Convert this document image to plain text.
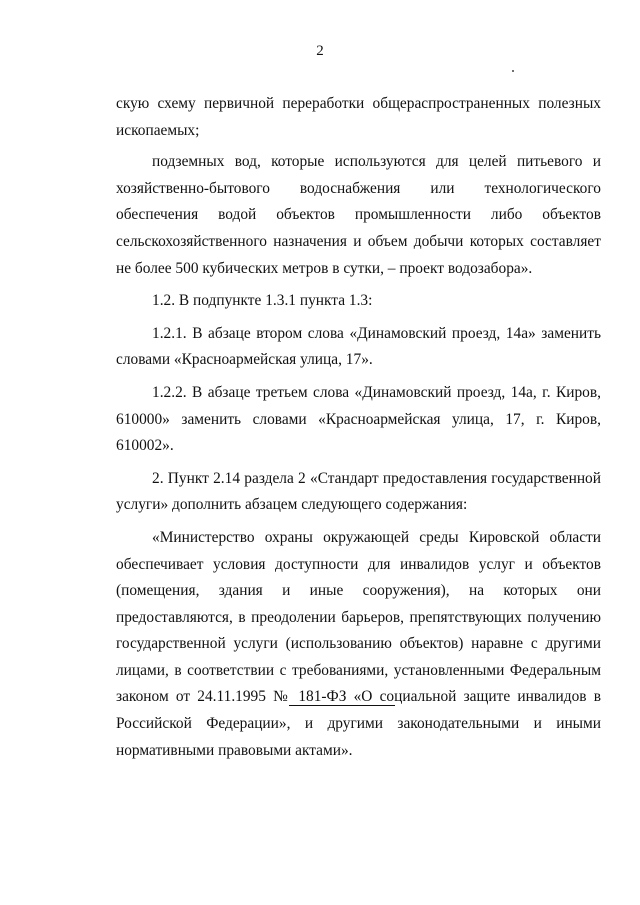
2

скую схему первичной переработки общераспространенных полезных ископаемых;

подземных вод, которые используются для целей питьевого и хозяйственно-бытового водоснабжения или технологического обеспечения водой объектов промышленности либо объектов сельскохозяйственного назначения и объем добычи которых составляет не более 500 кубических метров в сутки, – проект водозабора».

1.2. В подпункте 1.3.1 пункта 1.3:

1.2.1. В абзаце втором слова «Динамовский проезд, 14а» заменить словами «Красноармейская улица, 17».

1.2.2. В абзаце третьем слова «Динамовский проезд, 14а, г. Киров, 610000» заменить словами «Красноармейская улица, 17, г. Киров, 610002».

2. Пункт 2.14 раздела 2 «Стандарт предоставления государственной услуги» дополнить абзацем следующего содержания:

«Министерство охраны окружающей среды Кировской области обеспечивает условия доступности для инвалидов услуг и объектов (помещения, здания и иные сооружения), на которых они предоставляются, в преодолении барьеров, препятствующих получению государственной услуги (использованию объектов) наравне с другими лицами, в соответствии с требованиями, установленными Федеральным законом от 24.11.1995 № 181-ФЗ «О социальной защите инвалидов в Российской Федерации», и другими законодательными и иными нормативными правовыми актами».
